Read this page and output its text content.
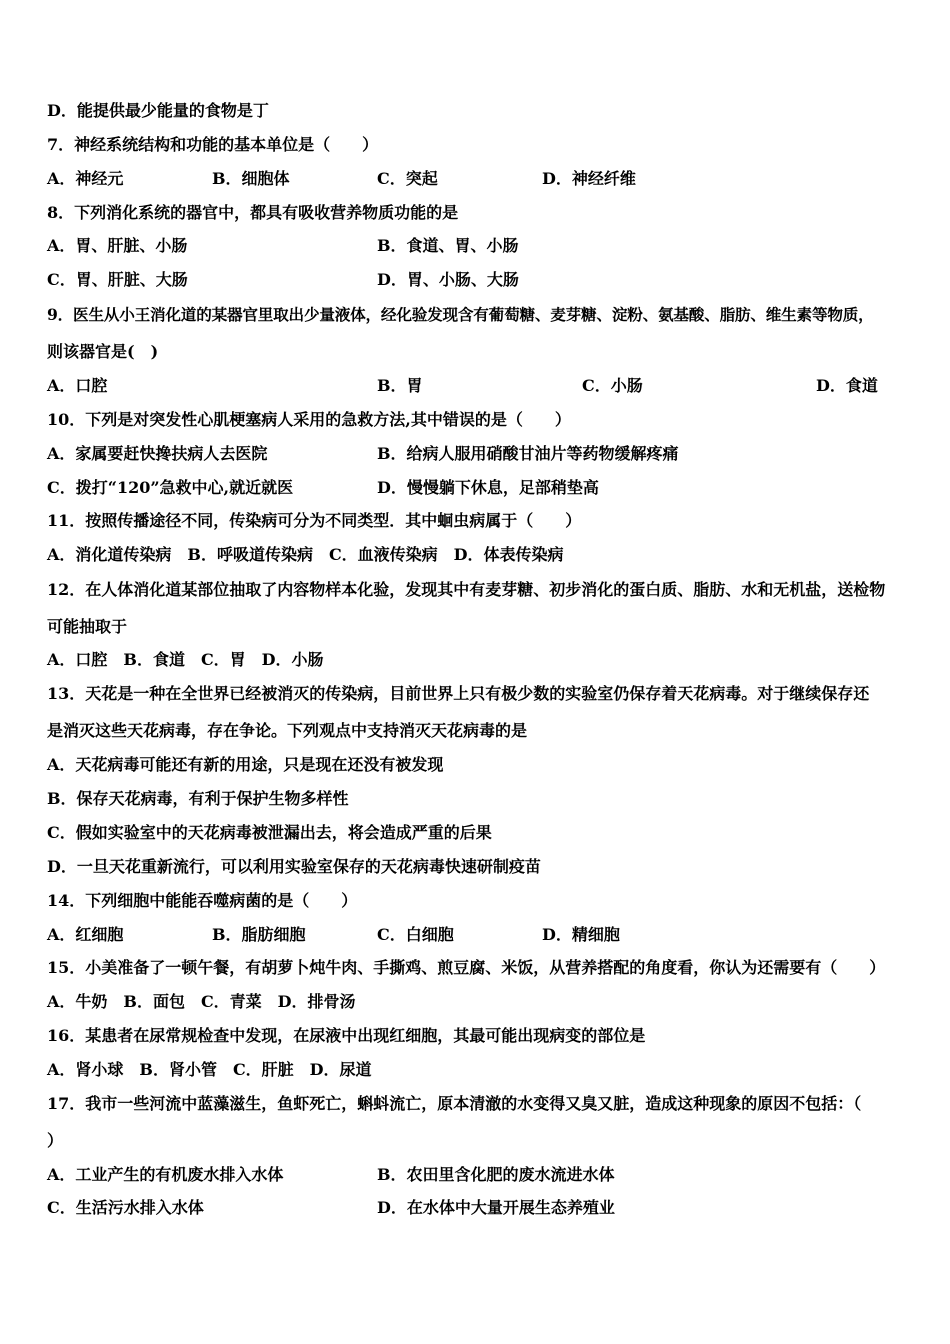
D．能提供最少能量的食物是丁
7．神经系统结构和功能的基本单位是（　　）
A．神经元	B．细胞体	C．突起	D．神经纤维
8．下列消化系统的器官中，都具有吸收营养物质功能的是
A．胃、肝脏、小肠	B．食道、胃、小肠
C．胃、肝脏、大肠	D．胃、小肠、大肠
9．医生从小王消化道的某器官里取出少量液体，经化验发现含有葡萄糖、麦芽糖、淀粉、氨基酸、脂肪、维生素等物质，
则该器官是(　)
A．口腔	B．胃	C．小肠	D．食道
10．下列是对突发性心肌梗塞病人采用的急救方法,其中错误的是（　　）
A．家属要赶快搀扶病人去医院	B．给病人服用硝酸甘油片等药物缓解疼痛
C．拨打“120”急救中心,就近就医	D．慢慢躺下休息，足部稍垫高
11．按照传播途径不同，传染病可分为不同类型．其中蛔虫病属于（　　）
A．消化道传染病　B．呼吸道传染病　C．血液传染病　D．体表传染病
12．在人体消化道某部位抽取了内容物样本化验，发现其中有麦芽糖、初步消化的蛋白质、脂肪、水和无机盐，送检物
可能抽取于
A．口腔　B．食道　C．胃　D．小肠
13．天花是一种在全世界已经被消灭的传染病，目前世界上只有极少数的实验室仍保存着天花病毒。对于继续保存还
是消灭这些天花病毒，存在争论。下列观点中支持消灭天花病毒的是
A．天花病毒可能还有新的用途，只是现在还没有被发现
B．保存天花病毒，有利于保护生物多样性
C．假如实验室中的天花病毒被泄漏出去，将会造成严重的后果
D．一旦天花重新流行，可以利用实验室保存的天花病毒快速研制疫苗
14．下列细胞中能能吞噬病菌的是（　　）
A．红细胞	B．脂肪细胞	C．白细胞	D．精细胞
15．小美准备了一顿午餐，有胡萝卜炖牛肉、手撕鸡、煎豆腐、米饭，从营养搭配的角度看，你认为还需要有（　　）
A．牛奶　B．面包　C．青菜　D．排骨汤
16．某患者在尿常规检查中发现，在尿液中出现红细胞，其最可能出现病变的部位是
A．肾小球　B．肾小管　C．肝脏　D．尿道
17．我市一些河流中蓝藻滋生，鱼虾死亡，蝌蚪流亡，原本清澈的水变得又臭又脏，造成这种现象的原因不包括：（
）
A．工业产生的有机废水排入水体	B．农田里含化肥的废水流进水体
C．生活污水排入水体	D．在水体中大量开展生态养殖业
